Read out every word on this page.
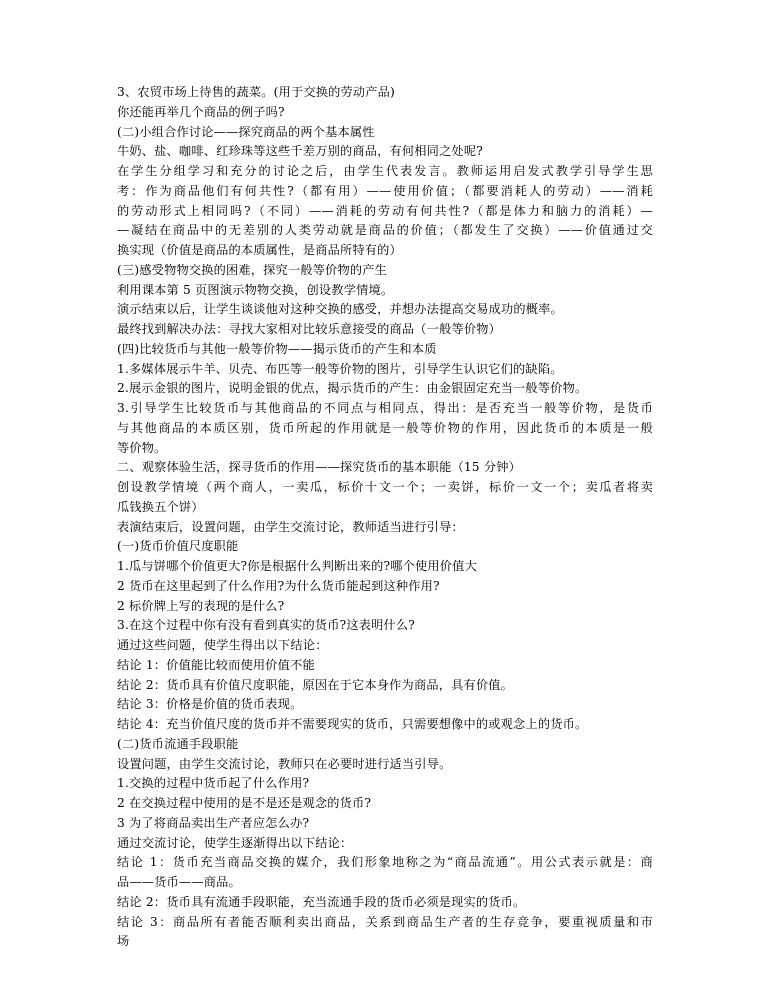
3、农贸市场上待售的蔬菜。(用于交换的劳动产品)
你还能再举几个商品的例子吗?
(二)小组合作讨论——探究商品的两个基本属性
牛奶、盐、咖啡、红珍珠等这些千差万别的商品，有何相同之处呢?
在学生分组学习和充分的讨论之后，由学生代表发言。教师运用启发式教学引导学生思
考：作为商品他们有何共性?（都有用）——使用价值；（都要消耗人的劳动）——消耗
的劳动形式上相同吗?（不同）——消耗的劳动有何共性?（都是体力和脑力的消耗）—
—凝结在商品中的无差别的人类劳动就是商品的价值；（都发生了交换）——价值通过交
换实现（价值是商品的本质属性，是商品所特有的）
(三)感受物物交换的困难，探究一般等价物的产生
利用课本第 5 页图演示物物交换，创设教学情境。
演示结束以后，让学生谈谈他对这种交换的感受，并想办法提高交易成功的概率。
最终找到解决办法：寻找大家相对比较乐意接受的商品（一般等价物）
(四)比较货币与其他一般等价物——揭示货币的产生和本质
1.多媒体展示牛羊、贝壳、布匹等一般等价物的图片，引导学生认识它们的缺陷。
2.展示金银的图片，说明金银的优点，揭示货币的产生：由金银固定充当一般等价物。
3.引导学生比较货币与其他商品的不同点与相同点，得出：是否充当一般等价物，是货币
与其他商品的本质区别，货币所起的作用就是一般等价物的作用，因此货币的本质是一般
等价物。
二、观察体验生活，探寻货币的作用——探究货币的基本职能（15 分钟）
创设教学情境（两个商人，一卖瓜，标价十文一个；一卖饼，标价一文一个；卖瓜者将卖
瓜钱换五个饼）
表演结束后，设置问题，由学生交流讨论，教师适当进行引导：
(一)货币价值尺度职能
1.瓜与饼哪个价值更大?你是根据什么判断出来的?哪个使用价值大
2 货币在这里起到了什么作用?为什么货币能起到这种作用?
2 标价牌上写的表现的是什么?
3.在这个过程中你有没有看到真实的货币?这表明什么?
通过这些问题，使学生得出以下结论：
结论 1：价值能比较而使用价值不能
结论 2：货币具有价值尺度职能，原因在于它本身作为商品，具有价值。
结论 3：价格是价值的货币表现。
结论 4：充当价值尺度的货币并不需要现实的货币，只需要想像中的或观念上的货币。
(二)货币流通手段职能
设置问题，由学生交流讨论，教师只在必要时进行适当引导。
1.交换的过程中货币起了什么作用?
2 在交换过程中使用的是不是还是观念的货币?
3 为了将商品卖出生产者应怎么办?
通过交流讨论，使学生逐渐得出以下结论：
结论 1：货币充当商品交换的媒介，我们形象地称之为“商品流通”。用公式表示就是：商
品——货币——商品。
结论 2：货币具有流通手段职能，充当流通手段的货币必须是现实的货币。
结论 3：商品所有者能否顺利卖出商品，关系到商品生产者的生存竞争，要重视质量和市
场
